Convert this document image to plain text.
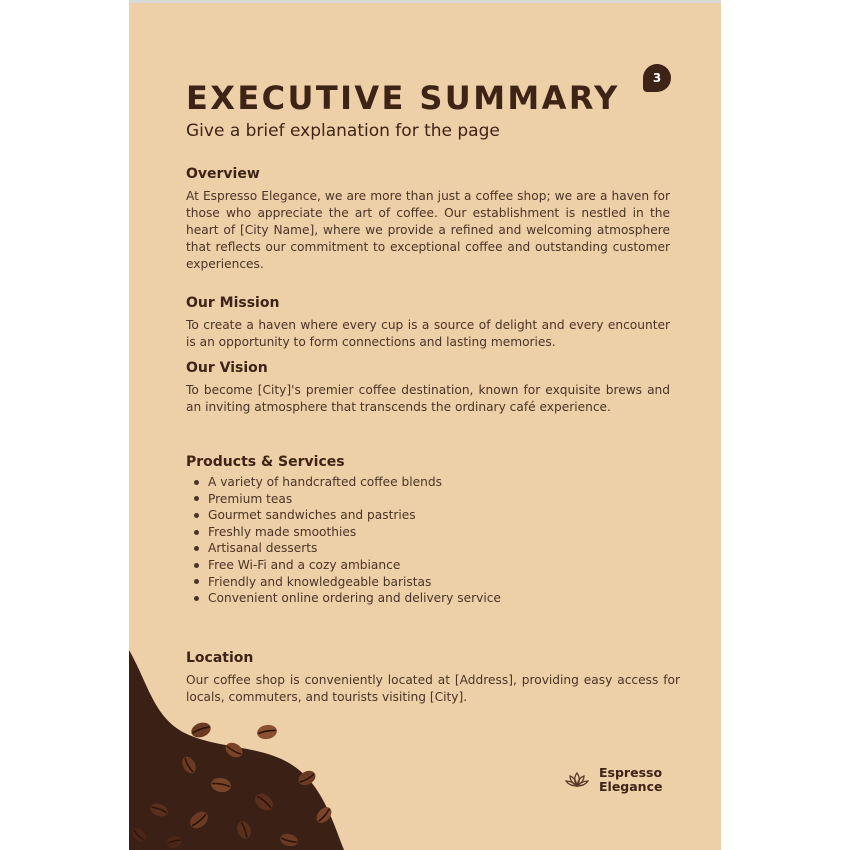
3
EXECUTIVE SUMMARY
Give a brief explanation for the page
Overview

At Espresso Elegance, we are more than just a coffee shop; we are a haven for those who appreciate the art of coffee. Our establishment is nestled in the heart of [City Name], where we provide a refined and welcoming atmosphere that reflects our commitment to exceptional coffee and outstanding customer experiences.

Our Mission

To create a haven where every cup is a source of delight and every encounter is an opportunity to form connections and lasting memories.

Our Vision

To become [City]'s premier coffee destination, known for exquisite brews and an inviting atmosphere that transcends the ordinary café experience.

Products & Services
A variety of handcrafted coffee blends
Premium teas
Gourmet sandwiches and pastries
Freshly made smoothies
Artisanal desserts
Free Wi-Fi and a cozy ambiance
Friendly and knowledgeable baristas
Convenient online ordering and delivery service
Location

Our coffee shop is conveniently located at [Address], providing easy access for locals, commuters, and tourists visiting [City].

Espresso
Elegance
